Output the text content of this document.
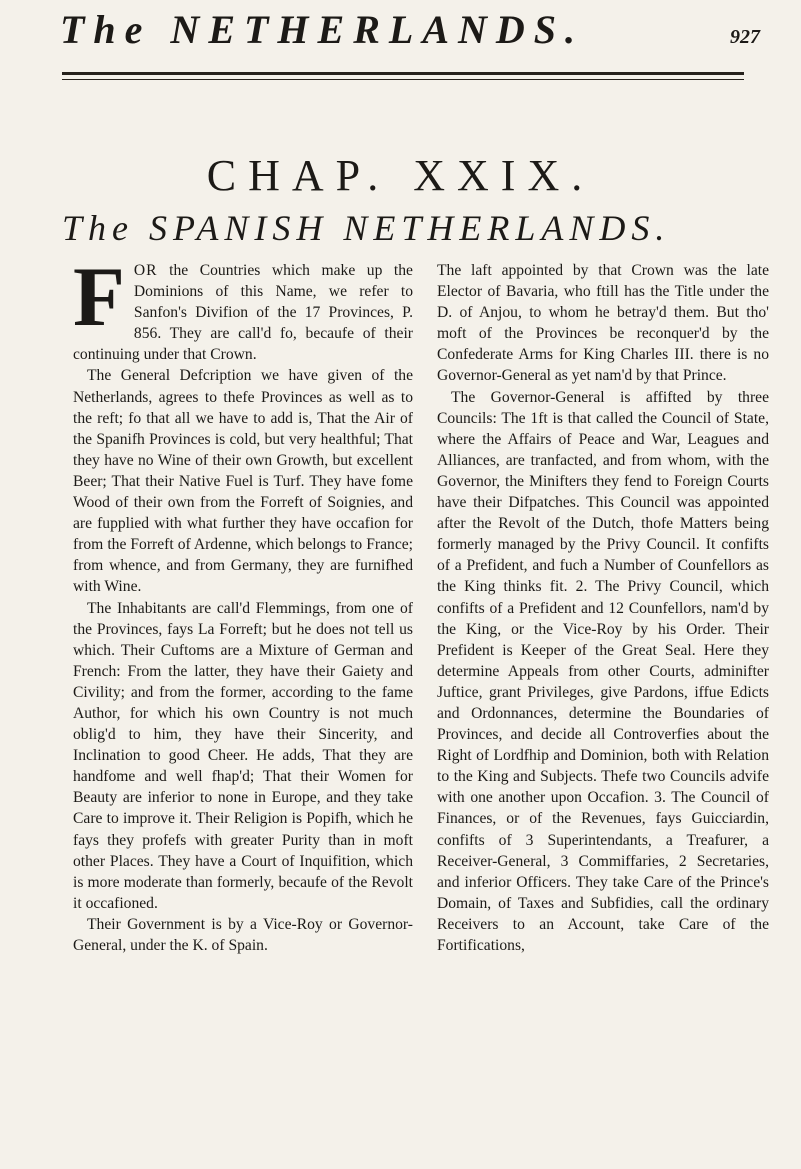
The NETHERLANDS.	927
CHAP. XXIX.
The SPANISH NETHERLANDS.

FOR the Countries which make up the Dominions of this Name, we refer to Sanfon's Divifion of the 17 Provinces, P. 856. They are call'd fo, becaufe of their continuing under that Crown.

The General Defcription we have given of the Netherlands, agrees to thefe Provinces as well as to the reft; fo that all we have to add is, That the Air of the Spanifh Provinces is cold, but very healthful; That they have no Wine of their own Growth, but excellent Beer; That their Native Fuel is Turf. They have fome Wood of their own from the Forreft of Soignies, and are fupplied with what further they have occafion for from the Forreft of Ardenne, which belongs to France; from whence, and from Germany, they are furnifhed with Wine.

The Inhabitants are call'd Flemmings, from one of the Provinces, fays La Forreft; but he does not tell us which. Their Cuftoms are a Mixture of German and French: From the latter, they have their Gaiety and Civility; and from the former, according to the fame Author, for which his own Country is not much oblig'd to him, they have their Sincerity, and Inclination to good Cheer. He adds, That they are handfome and well fhap'd; That their Women for Beauty are inferior to none in Europe, and they take Care to improve it. Their Religion is Popifh, which he fays they profefs with greater Purity than in moft other Places. They have a Court of Inquifition, which is more moderate than formerly, becaufe of the Revolt it occafioned.

Their Government is by a Vice-Roy or Governor-General, under the K. of Spain.

The laft appointed by that Crown was the late Elector of Bavaria, who ftill has the Title under the D. of Anjou, to whom he betray'd them. But tho' moft of the Provinces be reconquer'd by the Confederate Arms for King Charles III. there is no Governor-General as yet nam'd by that Prince.

The Governor-General is affifted by three Councils: The 1ft is that called the Council of State, where the Affairs of Peace and War, Leagues and Alliances, are tranfacted, and from whom, with the Governor, the Minifters they fend to Foreign Courts have their Difpatches. This Council was appointed after the Revolt of the Dutch, thofe Matters being formerly managed by the Privy Council. It confifts of a Prefident, and fuch a Number of Counfellors as the King thinks fit. 2. The Privy Council, which confifts of a Prefident and 12 Counfellors, nam'd by the King, or the Vice-Roy by his Order. Their Prefident is Keeper of the Great Seal. Here they determine Appeals from other Courts, adminifter Juftice, grant Privileges, give Pardons, iffue Edicts and Ordonnances, determine the Boundaries of Provinces, and decide all Controverfies about the Right of Lordfhip and Dominion, both with Relation to the King and Subjects. Thefe two Councils advife with one another upon Occafion. 3. The Council of Finances, or of the Revenues, fays Guicciardin, confifts of 3 Superintendants, a Treafurer, a Receiver-General, 3 Commiffaries, 2 Secretaries, and inferior Officers. They take Care of the Prince's Domain, of Taxes and Subfidies, call the ordinary Receivers to an Account, take Care of the Fortifications,
